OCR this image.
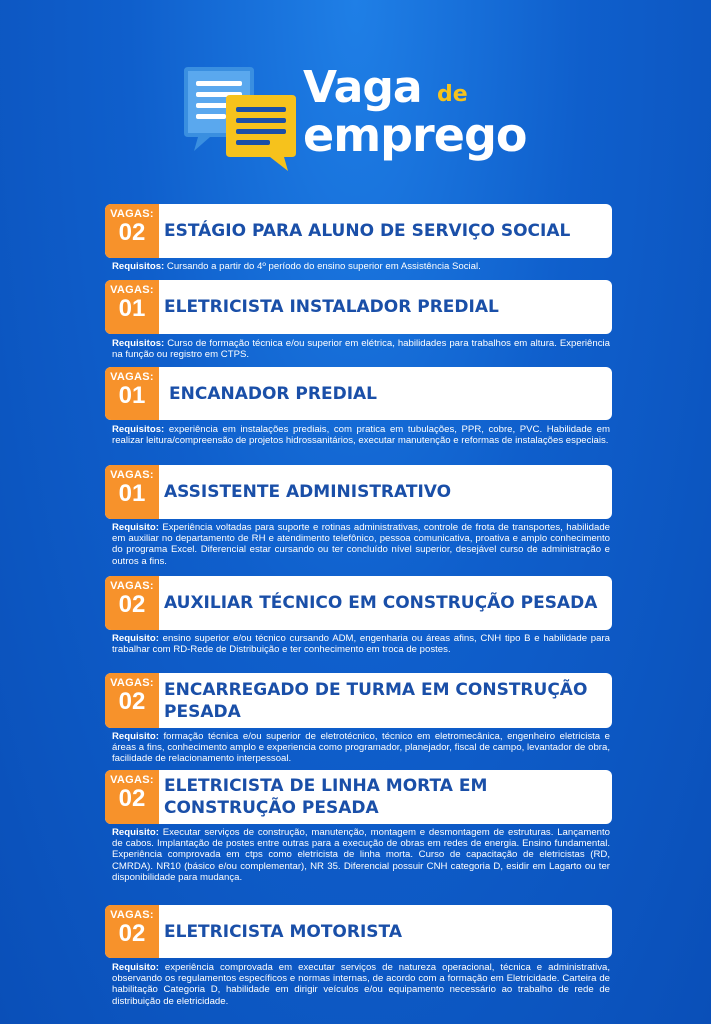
Vaga de
emprego
VAGAS:
02	ESTÁGIO PARA ALUNO DE SERVIÇO SOCIAL
Requisitos: Cursando a partir do 4º período do ensino superior em Assistência Social.
VAGAS:
01	ELETRICISTA INSTALADOR PREDIAL
Requisitos: Curso de formação técnica e/ou superior em elétrica, habilidades para trabalhos em altura. Experiência na função ou registro em CTPS.
VAGAS:
01	ENCANADOR PREDIAL
Requisitos: experiência em instalações prediais, com pratica em tubulações, PPR, cobre, PVC. Habilidade em realizar leitura/compreensão de projetos hidrossanitários, executar manutenção e reformas de instalações especiais.
VAGAS:
01	ASSISTENTE ADMINISTRATIVO
Requisito: Experiência voltadas para suporte e rotinas administrativas, controle de frota de transportes, habilidade em auxiliar no departamento de RH e atendimento telefônico, pessoa comunicativa, proativa e amplo conhecimento do programa Excel. Diferencial estar cursando ou ter concluído nível superior, desejável curso de administração e outros a fins.
VAGAS:
02	AUXILIAR TÉCNICO EM CONSTRUÇÃO PESADA
Requisito: ensino superior e/ou técnico cursando ADM, engenharia ou áreas afins, CNH tipo B e habilidade para trabalhar com RD-Rede de Distribuição e ter conhecimento em troca de postes.
VAGAS:
02	ENCARREGADO DE TURMA EM CONSTRUÇÃO PESADA
Requisito: formação técnica e/ou superior de eletrotécnico, técnico em eletromecânica, engenheiro eletricista e áreas a fins, conhecimento amplo e experiencia como programador, planejador, fiscal de campo, levantador de obra, facilidade de relacionamento interpessoal.
VAGAS:
02	ELETRICISTA DE LINHA MORTA EM CONSTRUÇÃO PESADA
Requisito: Executar serviços de construção, manutenção, montagem e desmontagem de estruturas. Lançamento de cabos. Implantação de postes entre outras para a execução de obras em redes de energia. Ensino fundamental. Experiência comprovada em ctps como eletricista de linha morta. Curso de capacitação de eletricistas (RD, CMRDA). NR10 (básico e/ou complementar), NR 35. Diferencial possuir CNH categoria D, esidir em Lagarto ou ter disponibilidade para mudança.
VAGAS:
02	ELETRICISTA MOTORISTA
Requisito: experiência comprovada em executar serviços de natureza operacional, técnica e administrativa, observando os regulamentos específicos e normas internas, de acordo com a formação em Eletricidade. Carteira de habilitação Categoria D, habilidade em dirigir veículos e/ou equipamento necessário ao trabalho de rede de distribuição de eletricidade.
